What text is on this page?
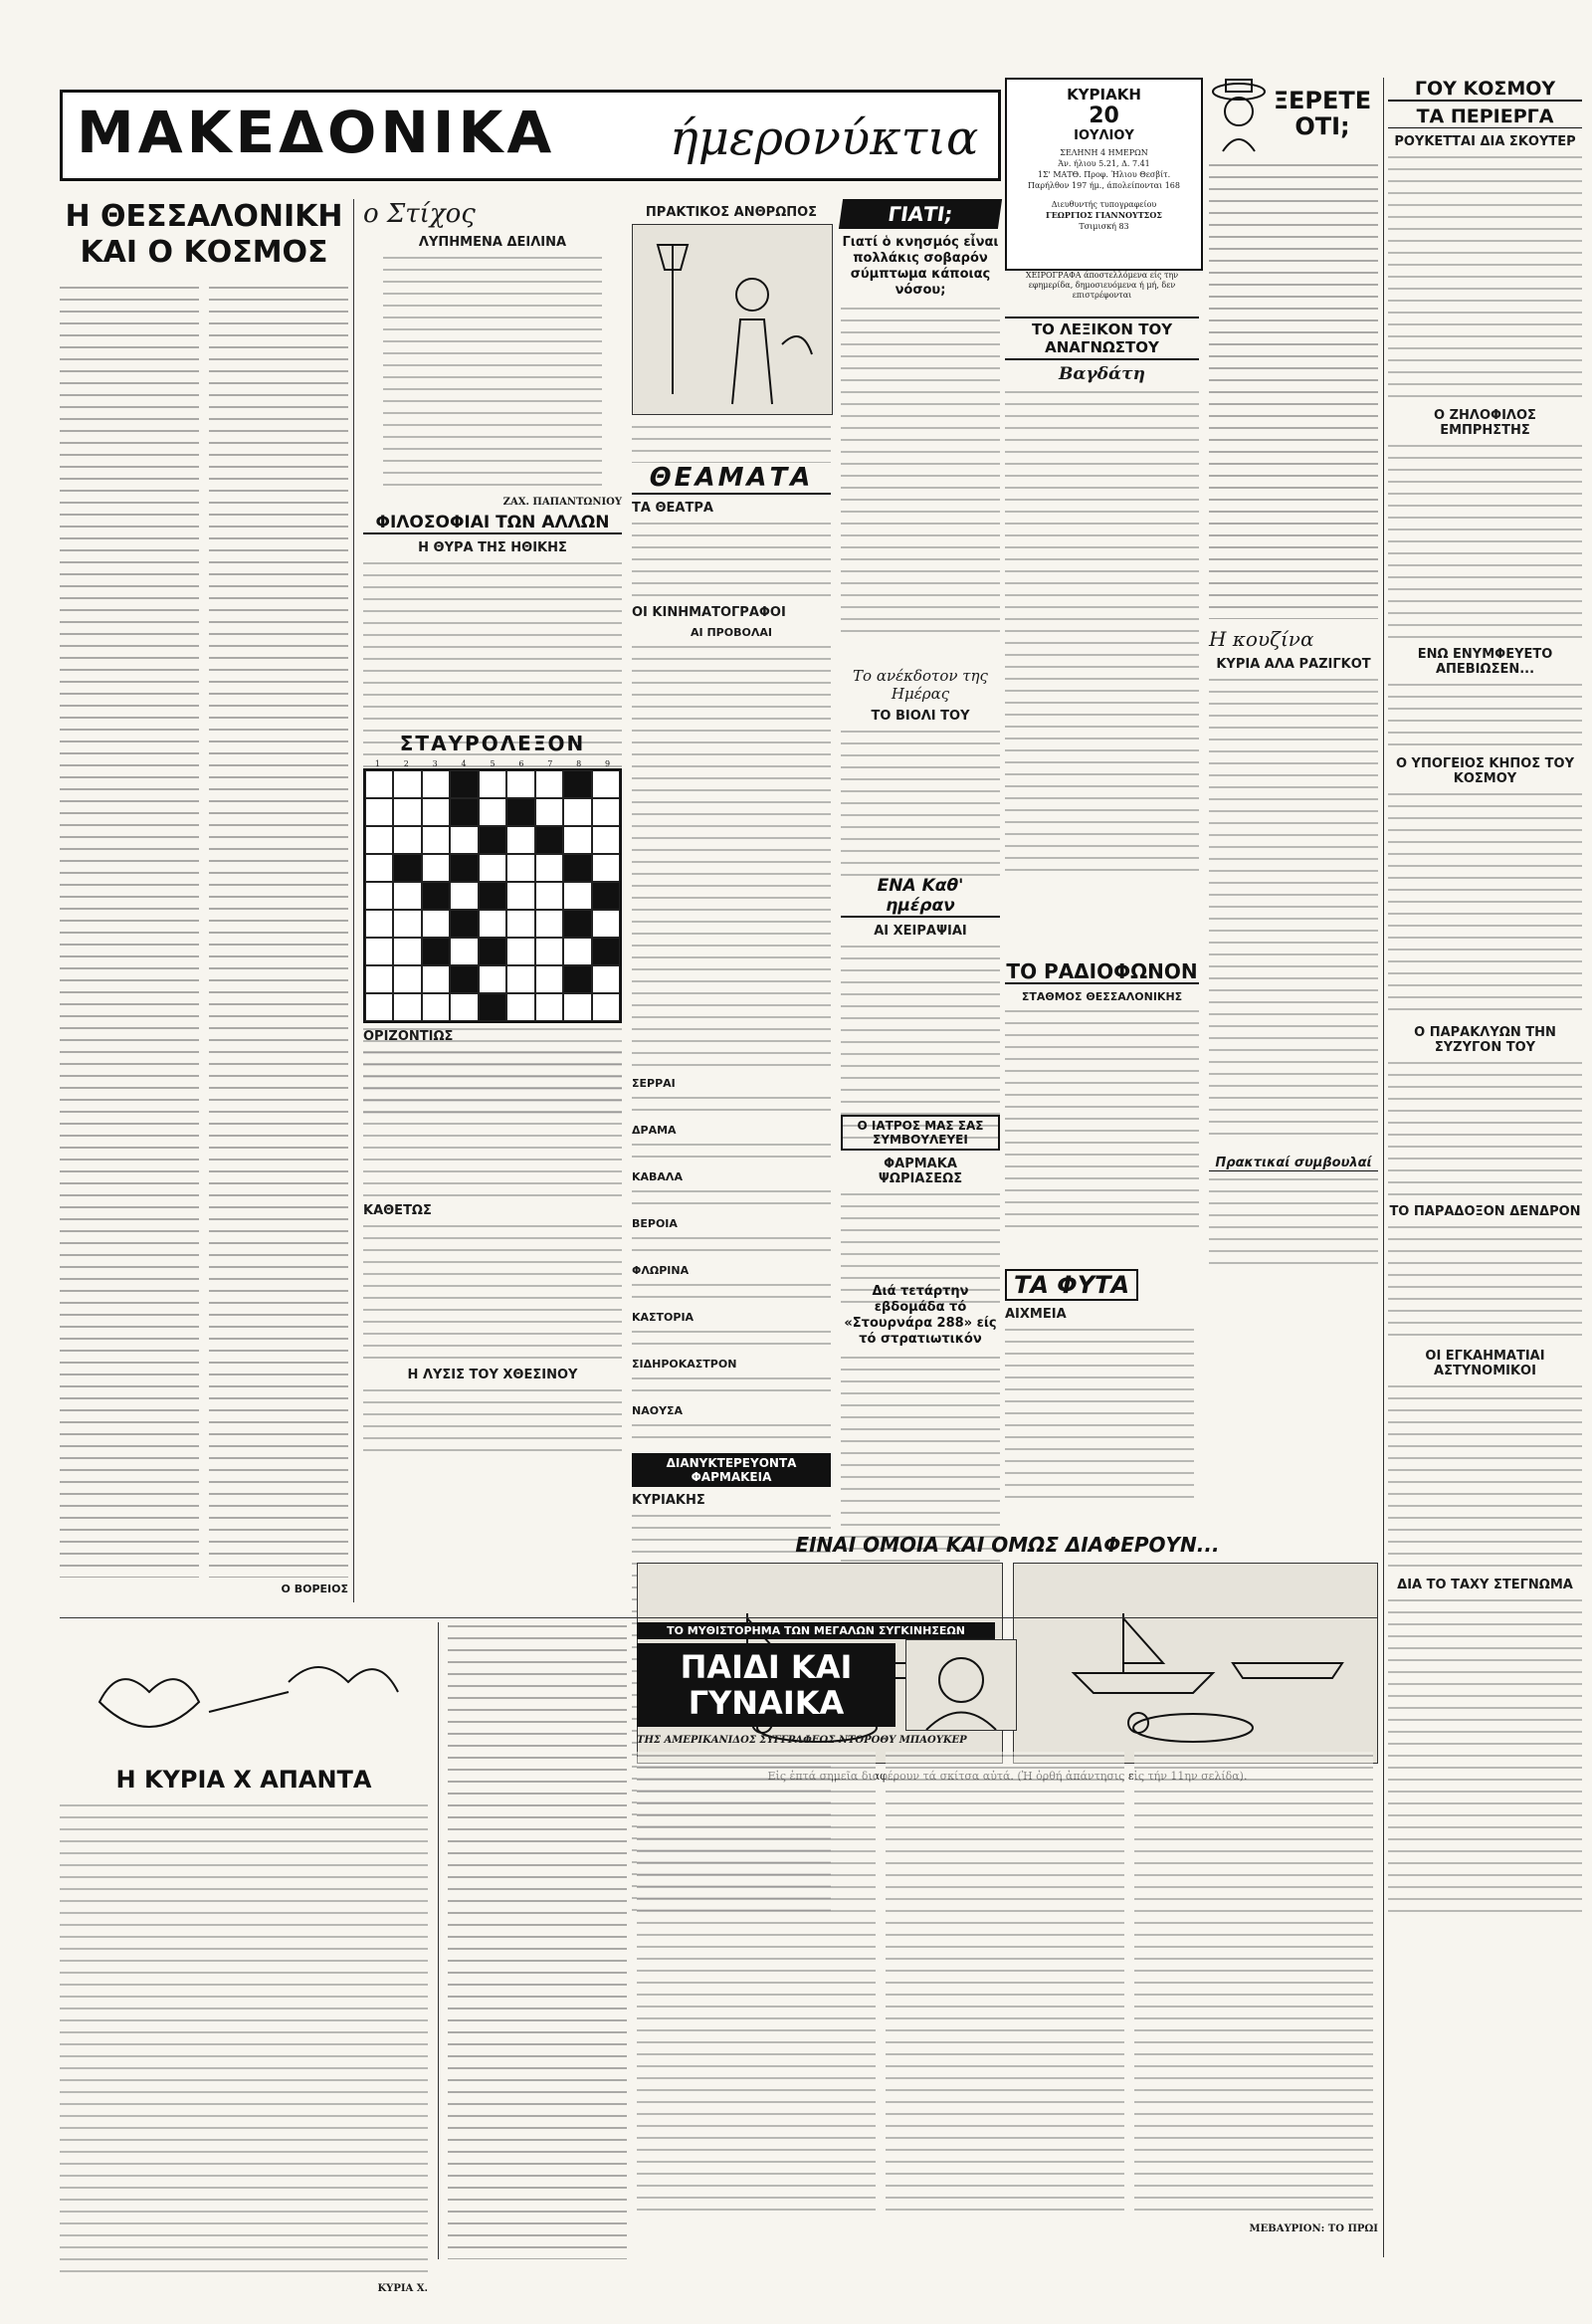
ΜΑΚΕΔΟΝΙΚΑ ήμερονύκτια
ΚΥΡΙΑΚΗ
20
ΙΟΥΛΙΟΥ
ΣΕΛΗΝΗ 4 ΗΜΕΡΩΝ
Άν. ήλιου 5.21, Δ. 7.41
1Σ' ΜΑΤΘ. Προφ. Ήλιου Θεσβίτ.
Παρήλθον 197 ήμ., άπολείπονται 168
Διευθυντής τυπογραφείου
ΓΕΩΡΓΙΟΣ ΓΙΑΝΝΟΥΤΣΟΣ
Τσιμισκή 83
ΧΕΙΡΟΓΡΑΦΑ άποστελλόμενα είς την εφημερίδα, δημοσιευόμενα ή μή, δεν επιστρέφονται
ΞΕΡΕΤΕ ΟΤΙ;
ΓΟΥ ΚΟΣΜΟΥ
ΤΑ ΠΕΡΙΕΡΓΑ
ΡΟΥΚΕΤΤΑΙ ΔΙΑ ΣΚΟΥΤΕΡ
Ο ΖΗΛΟΦΙΛΟΣ ΕΜΠΡΗΣΤΗΣ
ΕΝΩ ΕΝΥΜΦΕΥΕΤΟ ΑΠΕΒΙΩΣΕΝ...
Ο ΥΠΟΓΕΙΟΣ ΚΗΠΟΣ ΤΟΥ ΚΟΣΜΟΥ
Ο ΠΑΡΑΚΛΥΩΝ ΤΗΝ ΣΥΖΥΓΟΝ ΤΟΥ
ΤΟ ΠΑΡΑΔΟΞΟΝ ΔΕΝΔΡΟΝ
ΟΙ ΕΓΚΑΗΜΑΤΙΑΙ ΑΣΤΥΝΟΜΙΚΟΙ
ΔΙΑ ΤΟ ΤΑΧΥ ΣΤΕΓΝΩΜΑ
Η ΘΕΣΣΑΛΟΝΙΚΗ ΚΑΙ Ο ΚΟΣΜΟΣ
Ο ΒΟΡΕΙΟΣ
ο Στίχος
ΛΥΠΗΜΕΝΑ ΔΕΙΛΙΝΑ
ΖΑΧ. ΠΑΠΑΝΤΩΝΙΟΥ
ΦΙΛΟΣΟΦΙΑΙ ΤΩΝ ΑΛΛΩΝ
Η ΘΥΡΑ ΤΗΣ ΗΘΙΚΗΣ
ΣΤΑΥΡΟΛΕΞΟΝ
1	2	3	4	5	6	7	8	9
ΟΡΙΖΟΝΤΙΩΣ
ΚΑΘΕΤΩΣ
Η ΛΥΣΙΣ ΤΟΥ ΧΘΕΣΙΝΟΥ
ΠΡΑΚΤΙΚΟΣ ΑΝΘΡΩΠΟΣ	ΓΙΑΤΙ;
Γιατί ὁ κνησμός εἶναι πολλάκις σοβαρόν σύμπτωμα κάποιας νόσου;
ΘΕΑΜΑΤΑ
ΤΑ ΘΕΑΤΡΑ
ΟΙ ΚΙΝΗΜΑΤΟΓΡΑΦΟΙ
ΑΙ ΠΡΟΒΟΛΑΙ
ΣΕΡΡΑΙ
ΔΡΑΜΑ
ΚΑΒΑΛΑ
ΒΕΡΟΙΑ
ΦΛΩΡΙΝΑ
ΚΑΣΤΟΡΙΑ
ΣΙΔΗΡΟΚΑΣΤΡΟΝ
ΝΑΟΥΣΑ
ΤΟ ΛΕΞΙΚΟΝ ΤΟΥ ΑΝΑΓΝΩΣΤΟΥ
Βαγδάτη
Το ανέκδοτον της Ημέρας
ΤΟ ΒΙΟΛΙ ΤΟΥ
ΕΝΑ Καθ' ημέραν
ΑΙ ΧΕΙΡΑΨΙΑΙ
Ο ΙΑΤΡΟΣ ΜΑΣ ΣΑΣ ΣΥΜΒΟΥΛΕΥΕΙ
ΦΑΡΜΑΚΑ ΨΩΡΙΑΣΕΩΣ
Διά τετάρτην εβδομάδα τό «Στουρνάρα 288» είς τό στρατιωτικόν
ΤΟ ΡΑΔΙΟΦΩΝΟΝ
ΣΤΑΘΜΟΣ ΘΕΣΣΑΛΟΝΙΚΗΣ
Η κουζίνα
ΚΥΡΙΑ ΑΛΑ ΡΑΖΙΓΚΟΤ
Πρακτικαί συμβουλαί
ΤΑ ΦΥΤΑ
ΑΙΧΜΕΙΑ
ΔΙΑΝΥΚΤΕΡΕΥΟΝΤΑ ΦΑΡΜΑΚΕΙΑ
ΚΥΡΙΑΚΗΣ
ΕΙΝΑΙ ΟΜΟΙΑ ΚΑΙ ΟΜΩΣ ΔΙΑΦΕΡΟΥΝ...
Η ΚΥΡΙΑ Χ ΑΠΑΝΤΑ
ΚΥΡΙΑ Χ.
ΤΟ ΜΥΘΙΣΤΟΡΗΜΑ ΤΩΝ ΜΕΓΑΛΩΝ ΣΥΓΚΙΝΗΣΕΩΝ
ΠΑΙΔΙ ΚΑΙ ΓΥΝΑΙΚΑ
ΤΗΣ ΑΜΕΡΙΚΑΝΙΔΟΣ ΣΥΓΓΡΑΦΕΩΣ ΝΤΟΡΟΘΥ ΜΠΑΟΥΚΕΡ
ΜΕΒΑΥΡΙΟΝ: ΤΟ ΠΡΩΙ
